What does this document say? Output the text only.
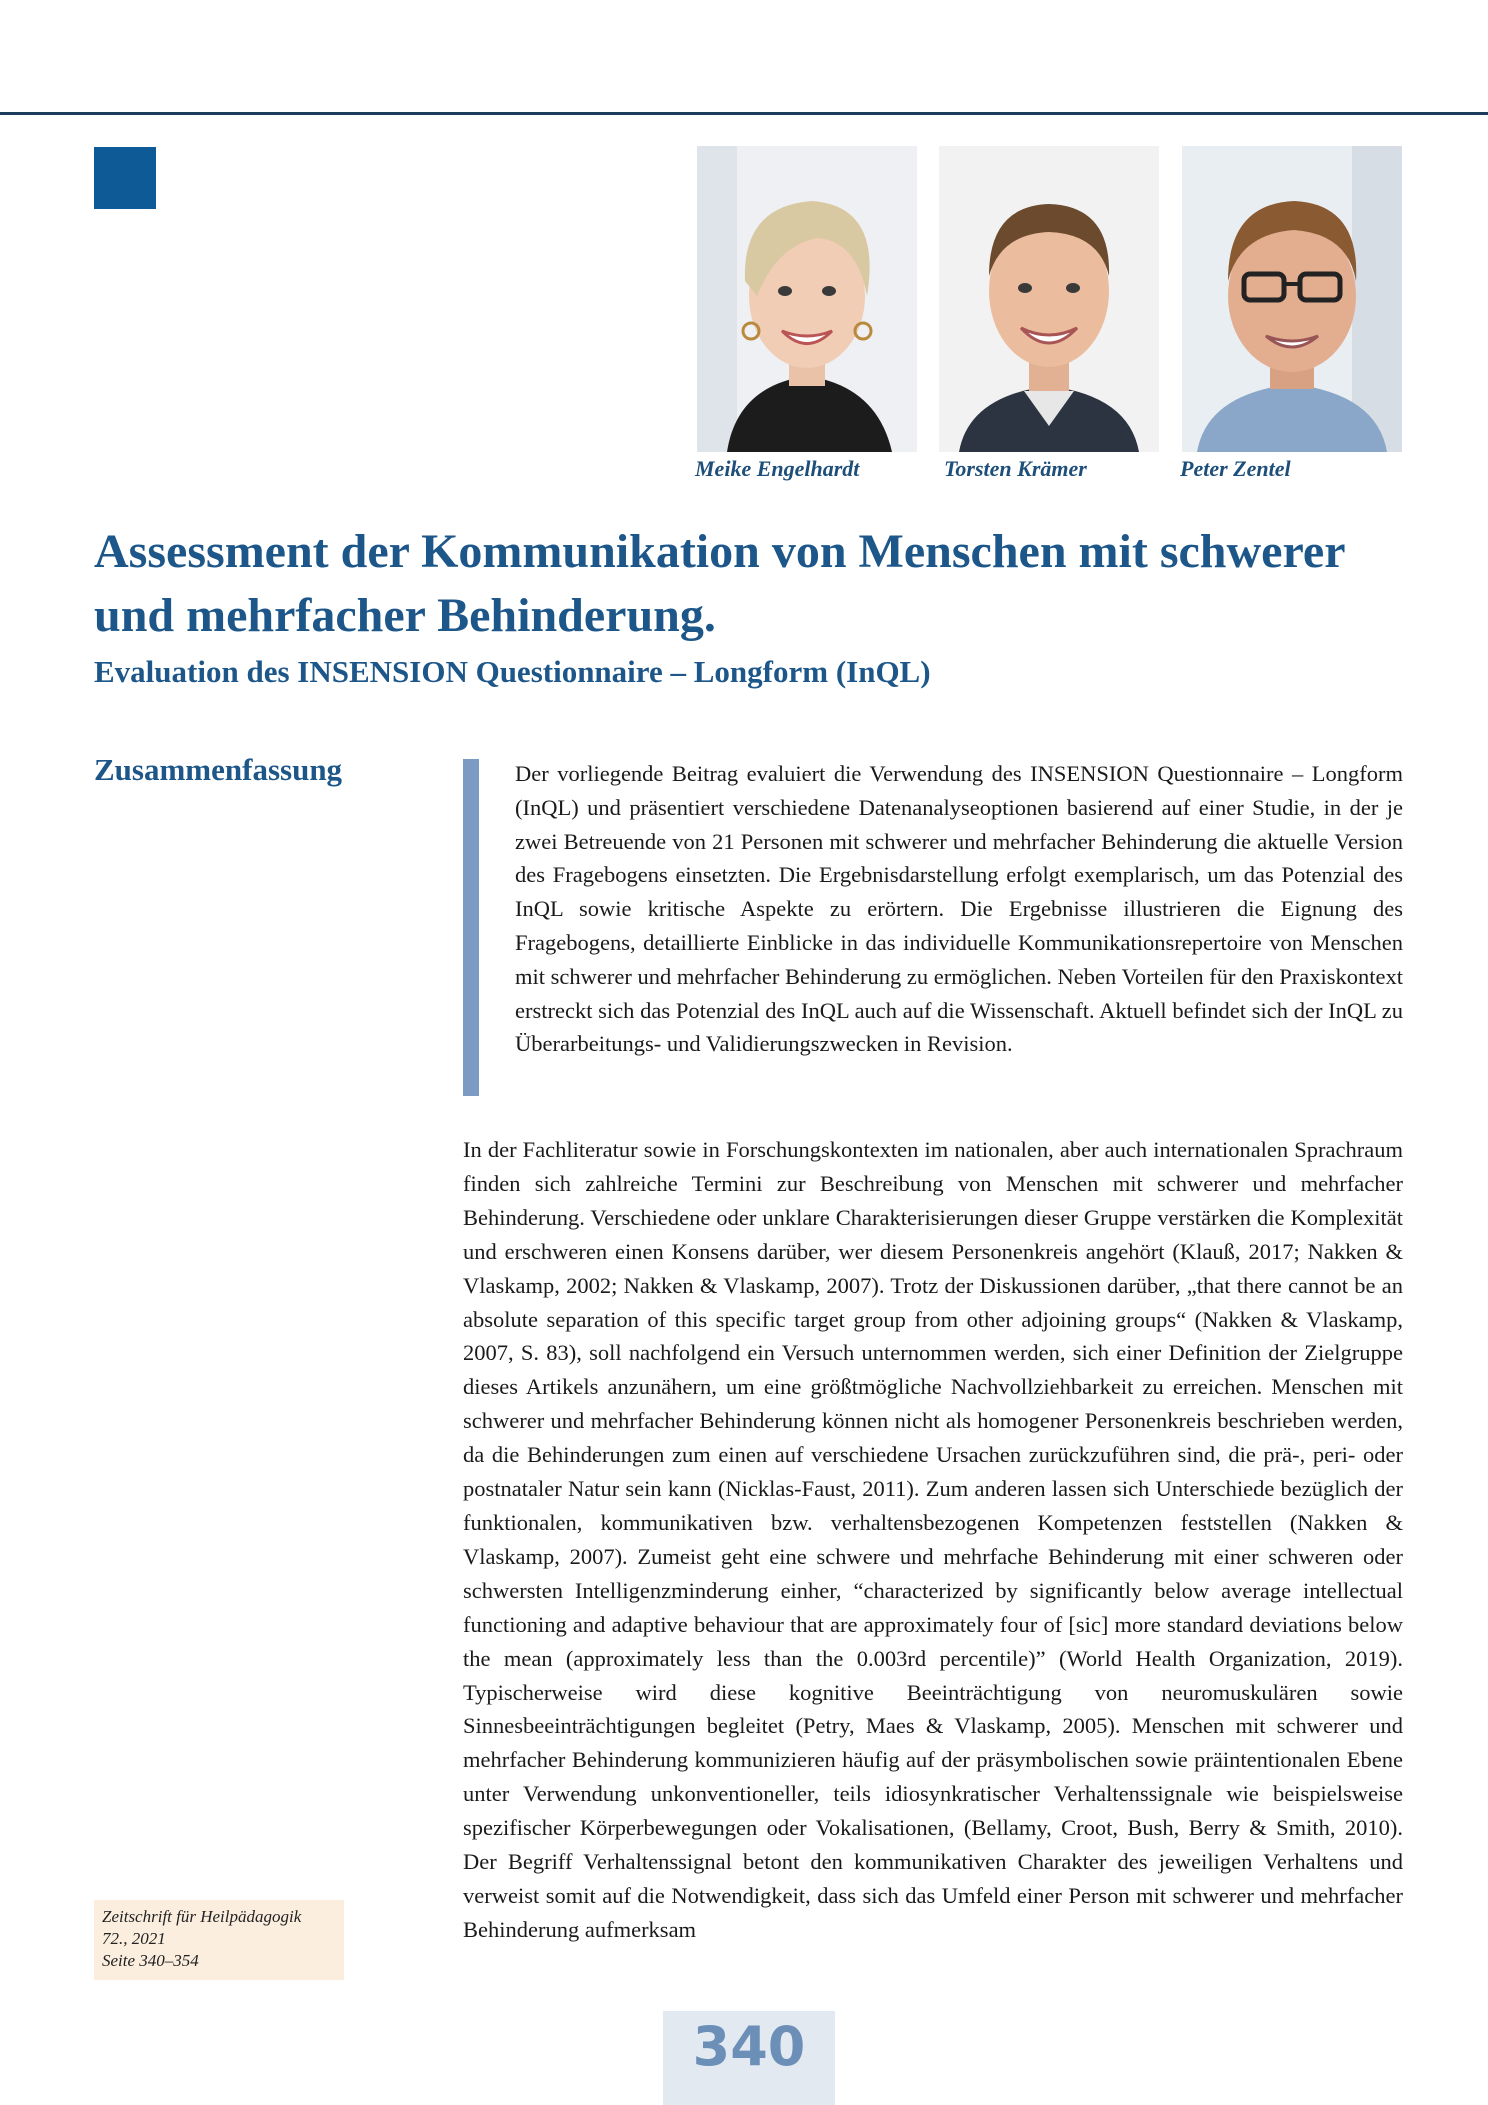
Meike Engelhardt	Torsten Krämer	Peter Zentel
Assessment der Kommunikation von Menschen mit schwerer und mehrfacher Behinderung.
Evaluation des INSENSION Questionnaire – Longform (InQL)
Zusammenfassung	Der vorliegende Beitrag evaluiert die Verwendung des INSENSION Questionnaire – Longform (InQL) und präsentiert verschiedene Datenanalyseoptionen basierend auf einer Studie, in der je zwei Betreuende von 21 Personen mit schwerer und mehrfacher Behinderung die aktuelle Version des Fragebogens einsetzten. Die Ergebnisdarstellung erfolgt exemplarisch, um das Potenzial des InQL sowie kritische Aspekte zu erörtern. Die Ergebnisse illustrieren die Eignung des Fragebogens, detaillierte Einblicke in das individuelle Kommunikationsrepertoire von Menschen mit schwerer und mehrfacher Behinderung zu ermöglichen. Neben Vorteilen für den Praxiskontext erstreckt sich das Potenzial des InQL auch auf die Wissenschaft. Aktuell befindet sich der InQL zu Überarbeitungs- und Validierungszwecken in Revision.

In der Fachliteratur sowie in Forschungskontexten im nationalen, aber auch internationalen Sprachraum finden sich zahlreiche Termini zur Beschreibung von Menschen mit schwerer und mehrfacher Behinderung. Verschiedene oder unklare Charakterisierungen dieser Gruppe verstärken die Komplexität und erschweren einen Konsens darüber, wer diesem Personenkreis angehört (Klauß, 2017; Nakken & Vlaskamp, 2002; Nakken & Vlaskamp, 2007). Trotz der Diskussionen darüber, „that there cannot be an absolute separation of this specific target group from other adjoining groups“ (Nakken & Vlaskamp, 2007, S. 83), soll nachfolgend ein Versuch unternommen werden, sich einer Definition der Zielgruppe dieses Artikels anzunähern, um eine größtmögliche Nachvollziehbarkeit zu erreichen. Menschen mit schwerer und mehrfacher Behinderung können nicht als homogener Personenkreis beschrieben werden, da die Behinderungen zum einen auf verschiedene Ursachen zurückzuführen sind, die prä-, peri- oder postnataler Natur sein kann (Nicklas-Faust, 2011). Zum anderen lassen sich Unterschiede bezüglich der funktionalen, kommunikativen bzw. verhaltensbezogenen Kompetenzen feststellen (Nakken & Vlaskamp, 2007). Zumeist geht eine schwere und mehrfache Behinderung mit einer schweren oder schwersten Intelligenzminderung einher, “characterized by significantly below average intellectual functioning and adaptive behaviour that are approximately four of [sic] more standard deviations below the mean (approximately less than the 0.003rd percentile)” (World Health Organization, 2019). Typischerweise wird diese kognitive Beeinträchtigung von neuromuskulären sowie Sinnesbeeinträchtigungen begleitet (Petry, Maes & Vlaskamp, 2005). Menschen mit schwerer und mehrfacher Behinderung kommunizieren häufig auf der präsymbolischen sowie präintentionalen Ebene unter Verwendung unkonventioneller, teils idiosynkratischer Verhaltenssignale wie beispielsweise spezifischer Körperbewegungen oder Vokalisationen, (Bellamy, Croot, Bush, Berry & Smith, 2010). Der Begriff Verhaltenssignal betont den kommunikativen Charakter des jeweiligen Verhaltens und verweist somit auf die Notwendigkeit, dass sich das Umfeld einer Person mit schwerer und mehrfacher Behinderung aufmerksam

Zeitschrift für Heilpädagogik
72., 2021
Seite 340–354
340
